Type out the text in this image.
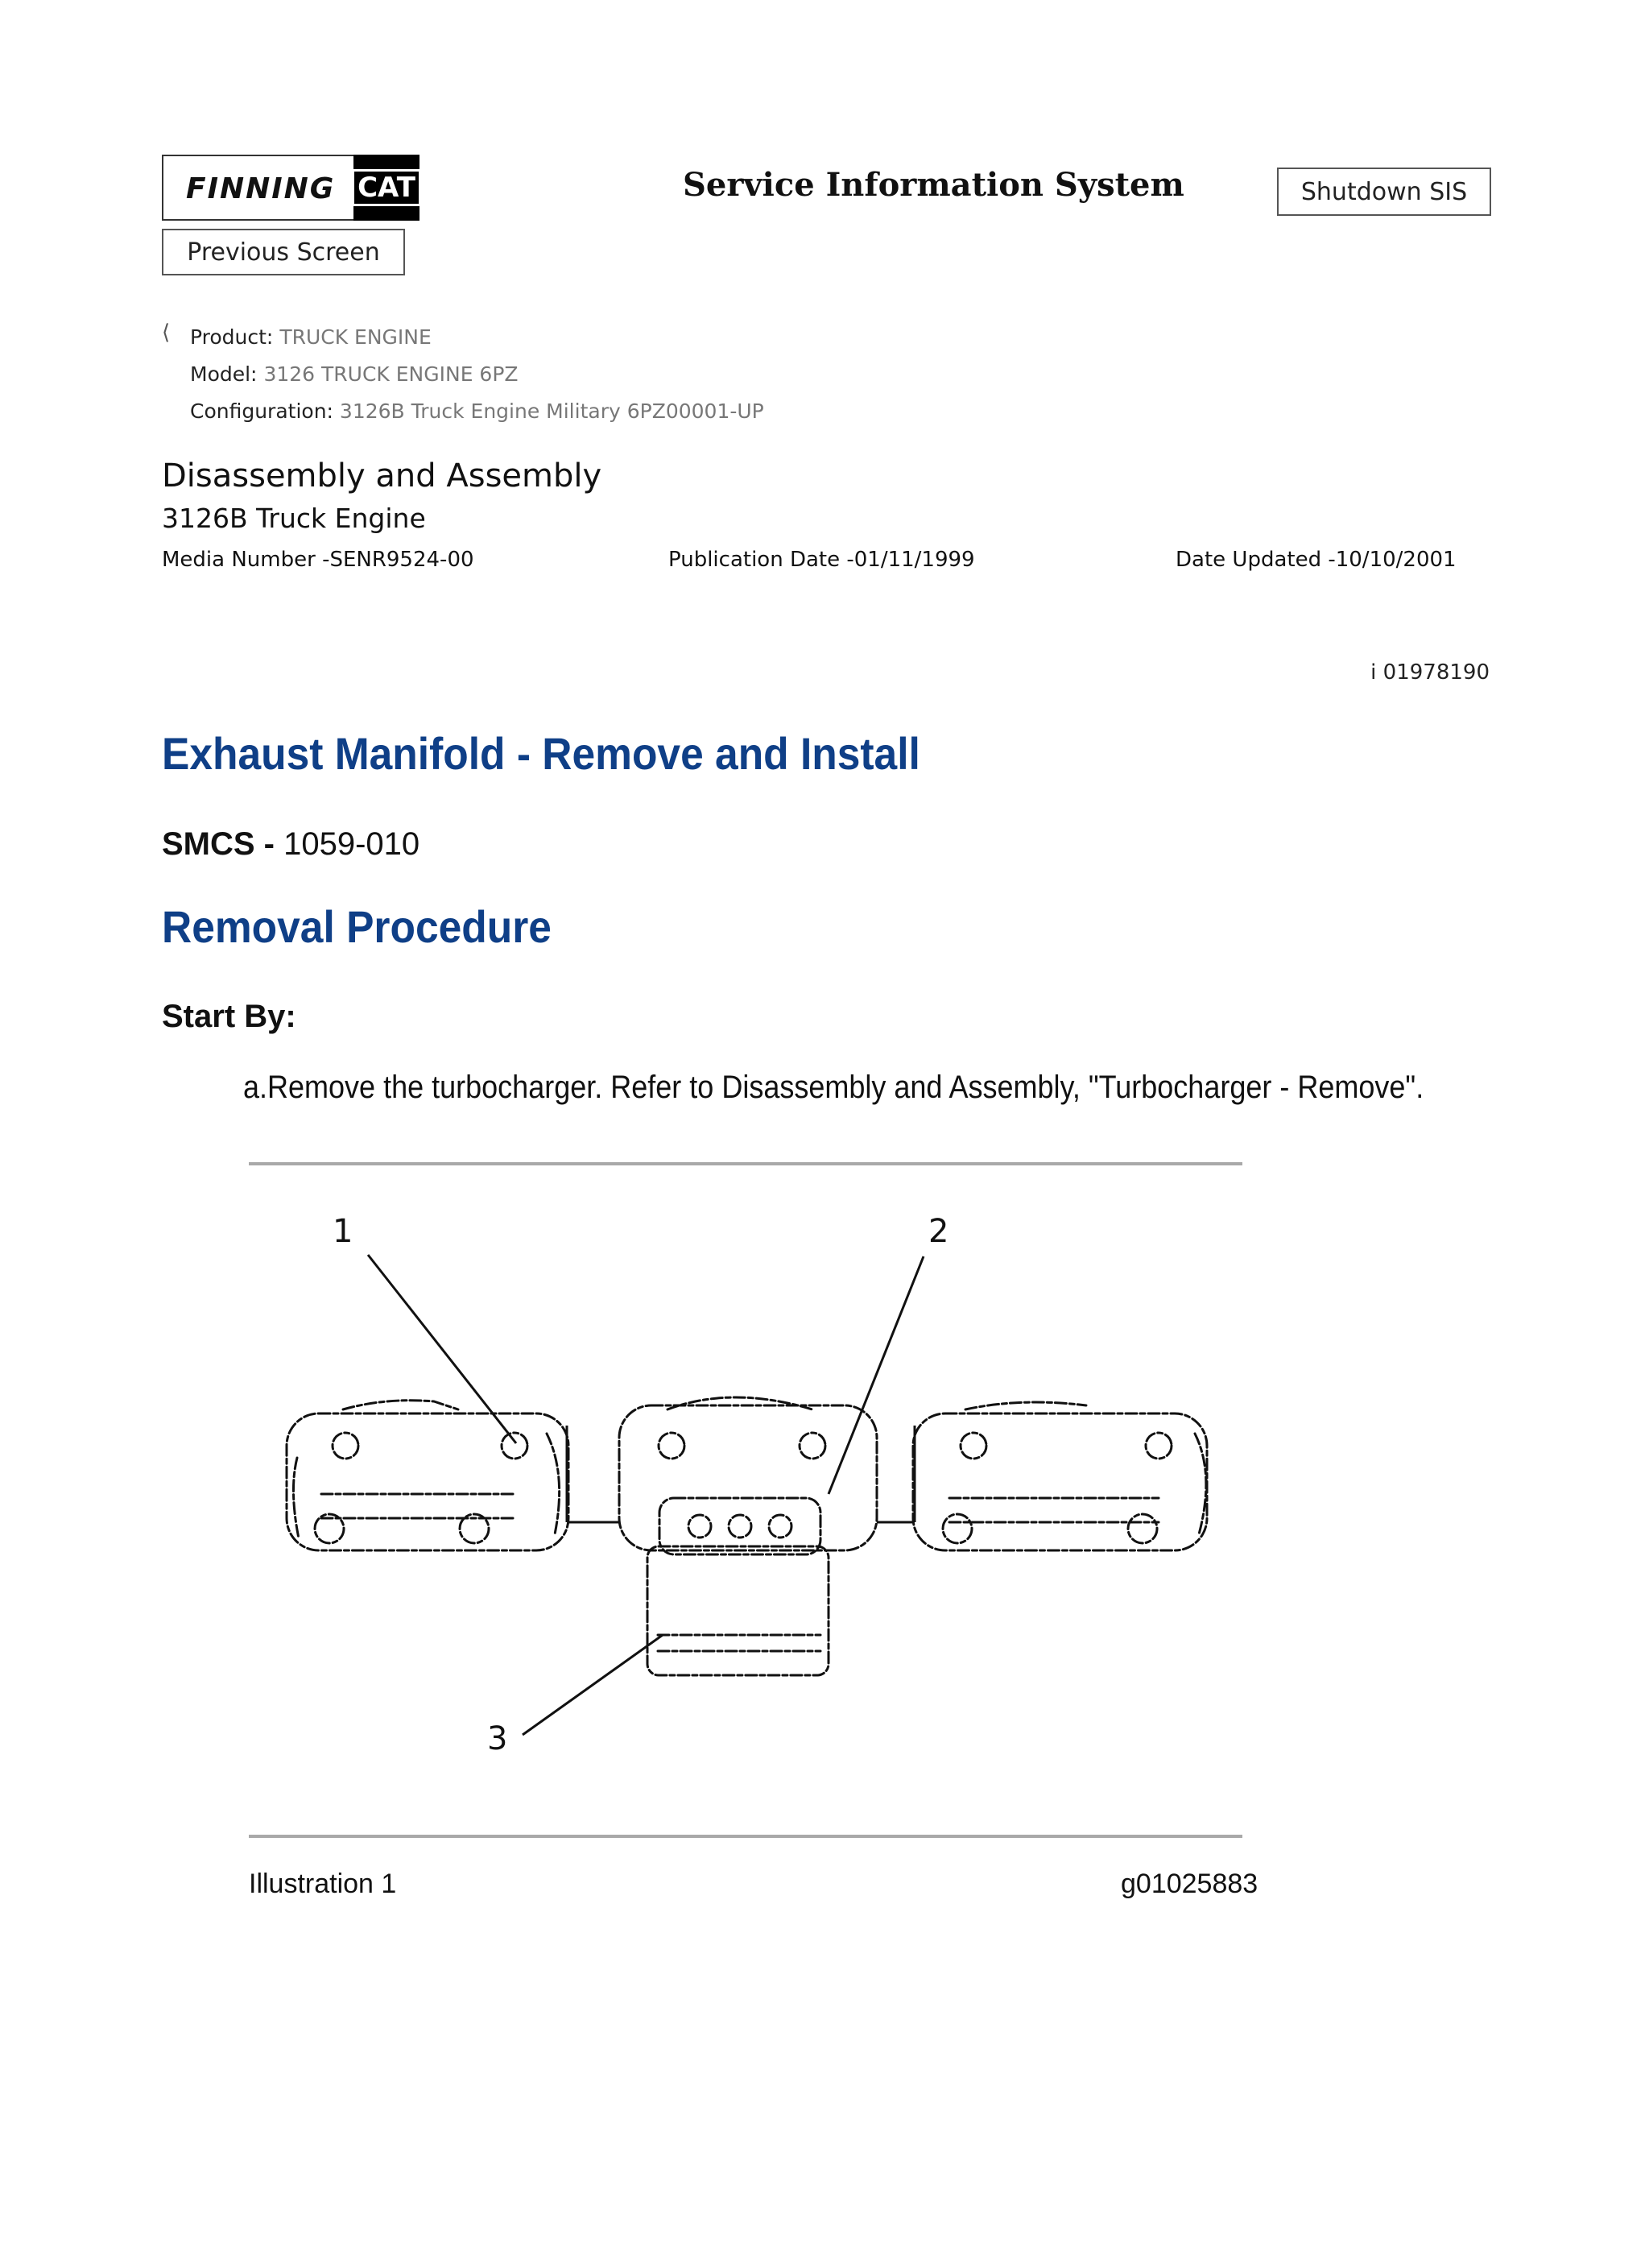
FINNING CAT	Service Information System	Shutdown SIS
Previous Screen
⟨ Product: TRUCK ENGINE
Model: 3126 TRUCK ENGINE 6PZ
Configuration: 3126B Truck Engine Military 6PZ00001-UP
Disassembly and Assembly
3126B Truck Engine
Media Number -SENR9524-00	Publication Date -01/11/1999	Date Updated -10/10/2001
i 01978190
Exhaust Manifold - Remove and Install
SMCS - 1059-010
Removal Procedure
Start By:
a.Remove the turbocharger. Refer to Disassembly and Assembly, "Turbocharger - Remove".
1	2
3
Illustration 1	g01025883
